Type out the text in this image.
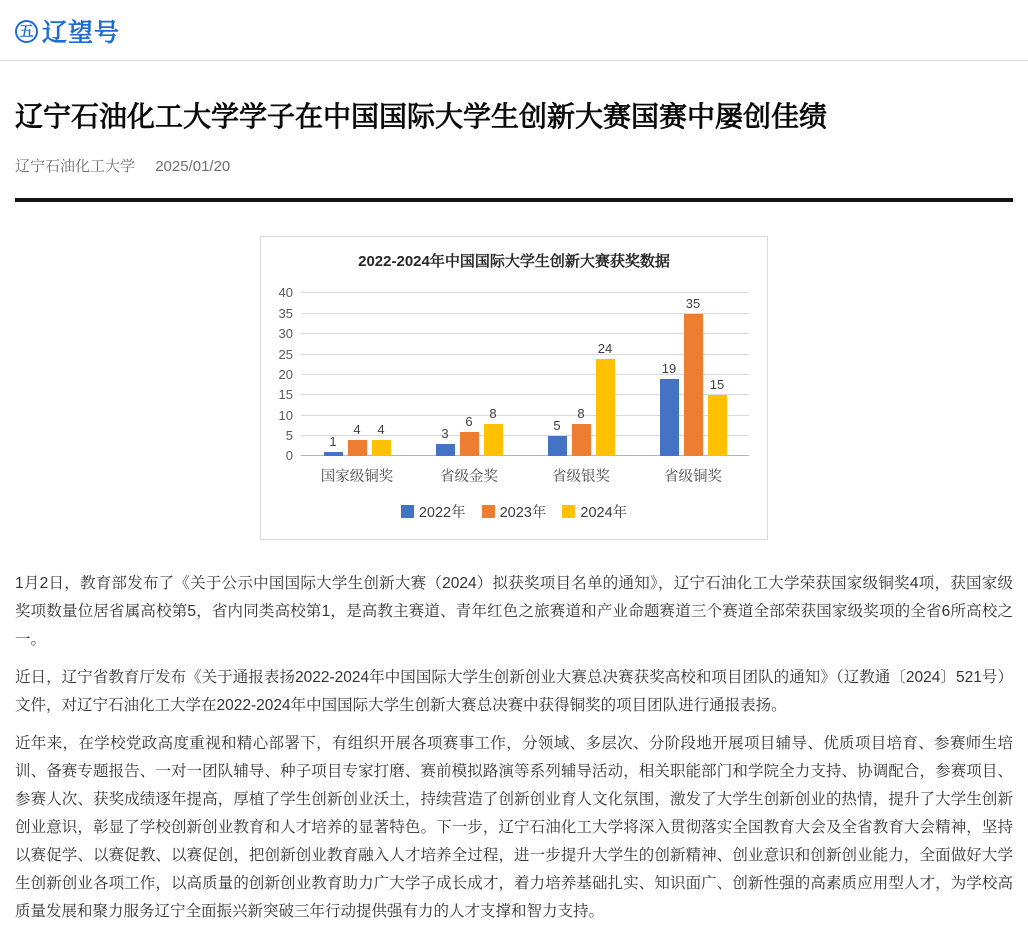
五 辽望号
辽宁石油化工大学学子在中国国际大学生创新大赛国赛中屡创佳绩
辽宁石油化工大学 2025/01/20
2022-2024年中国国际大学生创新大赛获奖数据
0
5
10
15
20
25
30
35
40
1
4 4	3
6
8
5
8
24
19
35
15
国家级铜奖	省级金奖	省级银奖	省级铜奖
2022年 2023年 2024年

1月2日，教育部发布了《关于公示中国国际大学生创新大赛（2024）拟获奖项目名单的通知》，辽宁石油化工大学荣获国家级铜奖4项，获国家级奖项数量位居省属高校第5，省内同类高校第1，是高教主赛道、青年红色之旅赛道和产业命题赛道三个赛道全部荣获国家级奖项的全省6所高校之一。

近日，辽宁省教育厅发布《关于通报表扬2022-2024年中国国际大学生创新创业大赛总决赛获奖高校和项目团队的通知》（辽教通〔2024〕521号）文件，对辽宁石油化工大学在2022-2024年中国国际大学生创新大赛总决赛中获得铜奖的项目团队进行通报表扬。

近年来，在学校党政高度重视和精心部署下，有组织开展各项赛事工作，分领域、多层次、分阶段地开展项目辅导、优质项目培育、参赛师生培训、备赛专题报告、一对一团队辅导、种子项目专家打磨、赛前模拟路演等系列辅导活动，相关职能部门和学院全力支持、协调配合，参赛项目、参赛人次、获奖成绩逐年提高，厚植了学生创新创业沃土，持续营造了创新创业育人文化氛围，激发了大学生创新创业的热情，提升了大学生创新创业意识，彰显了学校创新创业教育和人才培养的显著特色。下一步，辽宁石油化工大学将深入贯彻落实全国教育大会及全省教育大会精神，坚持以赛促学、以赛促教、以赛促创，把创新创业教育融入人才培养全过程，进一步提升大学生的创新精神、创业意识和创新创业能力，全面做好大学生创新创业各项工作，以高质量的创新创业教育助力广大学子成长成才，着力培养基础扎实、知识面广、创新性强的高素质应用型人才，为学校高质量发展和聚力服务辽宁全面振兴新突破三年行动提供强有力的人才支撑和智力支持。
